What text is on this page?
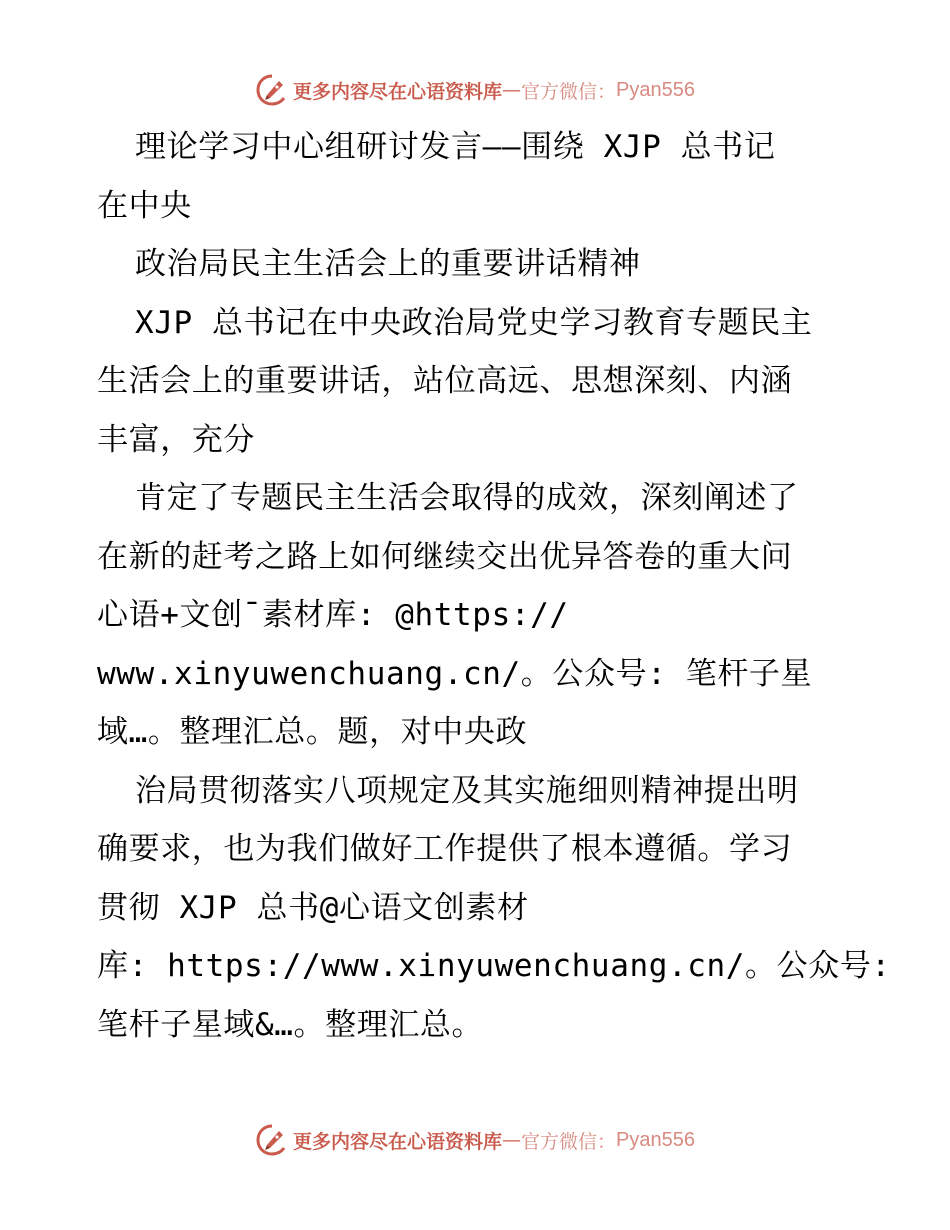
更多内容尽在心语资料库 — 官方微信： Pyan556
理论学习中心组研讨发言——围绕 XJP 总书记
在中央
政治局民主生活会上的重要讲话精神
XJP 总书记在中央政治局党史学习教育专题民主
生活会上的重要讲话，站位高远、思想深刻、内涵
丰富，充分
肯定了专题民主生活会取得的成效，深刻阐述了
在新的赶考之路上如何继续交出优异答卷的重大问
心语+文创¯素材库: @https://
www.xinyuwenchuang.cn/。公众号: 笔杆子星
域…。整理汇总。题，对中央政
治局贯彻落实八项规定及其实施细则精神提出明
确要求，也为我们做好工作提供了根本遵循。学习
贯彻 XJP 总书@心语文创素材
库: https://www.xinyuwenchuang.cn/。公众号:
笔杆子星域&…。整理汇总。
更多内容尽在心语资料库 — 官方微信： Pyan556
